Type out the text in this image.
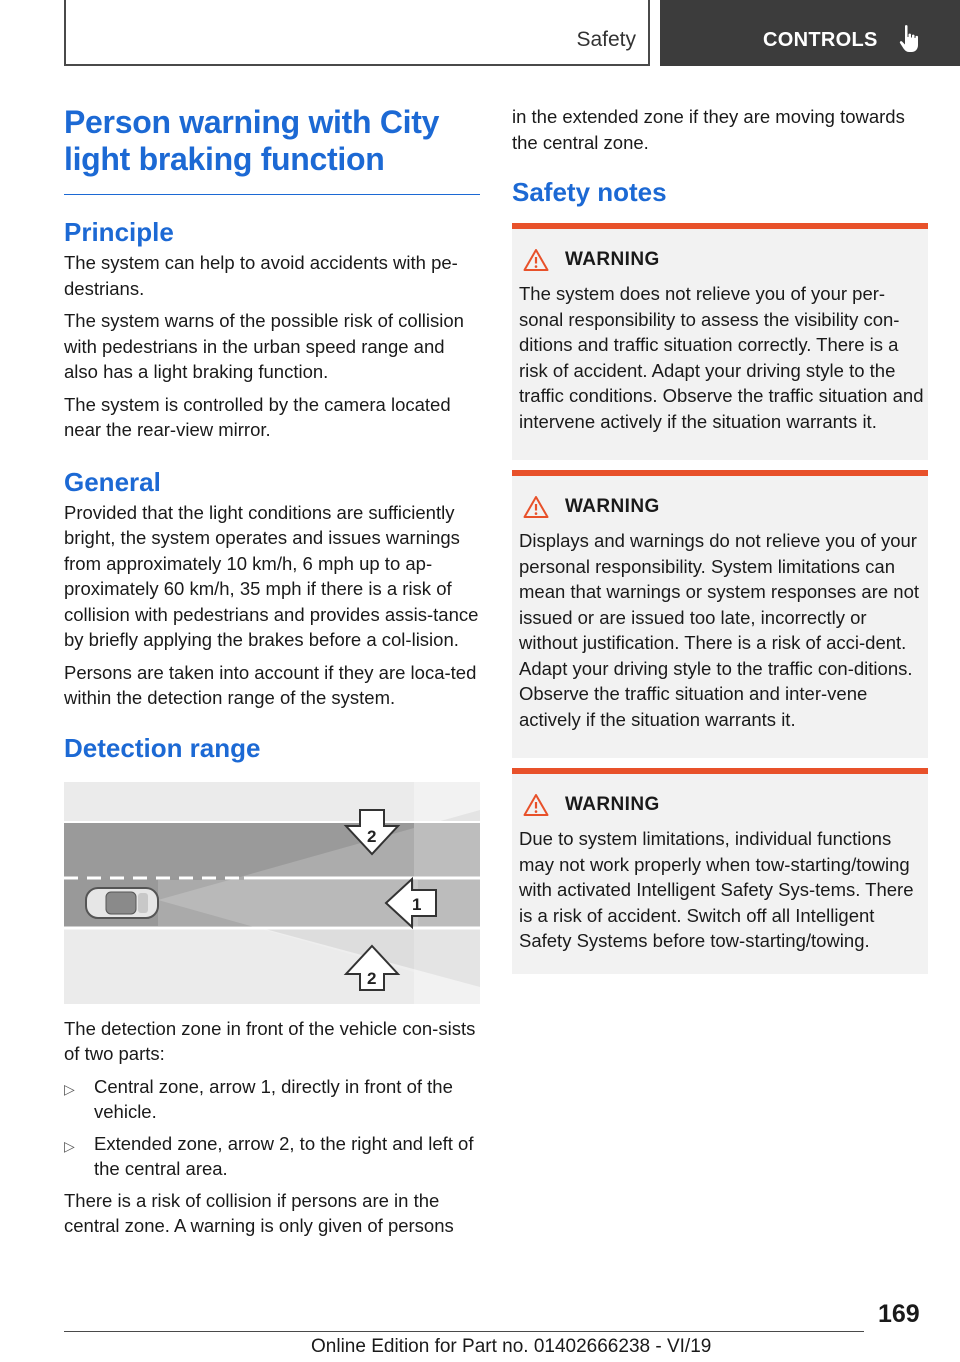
Safety	CONTROLS
Person warning with City light braking function
Principle
The system can help to avoid accidents with pe‐destrians.
The system warns of the possible risk of collision with pedestrians in the urban speed range and also has a light braking function.
The system is controlled by the camera located near the rear-view mirror.
General
Provided that the light conditions are sufficiently bright, the system operates and issues warnings from approximately 10 km/h, 6 mph up to ap‐proximately 60 km/h, 35 mph if there is a risk of collision with pedestrians and provides assis‐tance by briefly applying the brakes before a col‐lision.
Persons are taken into account if they are loca‐ted within the detection range of the system.
Detection range
2
1
2
The detection zone in front of the vehicle con‐sists of two parts:
▷ Central zone, arrow 1, directly in front of the vehicle.
▷ Extended zone, arrow 2, to the right and left of the central area.
There is a risk of collision if persons are in the central zone. A warning is only given of persons
in the extended zone if they are moving towards the central zone.
Safety notes
WARNING
The system does not relieve you of your per‐sonal responsibility to assess the visibility con‐ditions and traffic situation correctly. There is a risk of accident. Adapt your driving style to the traffic conditions. Observe the traffic situation and intervene actively if the situation warrants it.
WARNING
Displays and warnings do not relieve you of your personal responsibility. System limitations can mean that warnings or system responses are not issued or are issued too late, incorrectly or without justification. There is a risk of acci‐dent. Adapt your driving style to the traffic con‐ditions. Observe the traffic situation and inter‐vene actively if the situation warrants it.
WARNING
Due to system limitations, individual functions may not work properly when tow-starting/towing with activated Intelligent Safety Sys‐tems. There is a risk of accident. Switch off all Intelligent Safety Systems before tow-starting/towing.
169
Online Edition for Part no. 01402666238 - VI/19
